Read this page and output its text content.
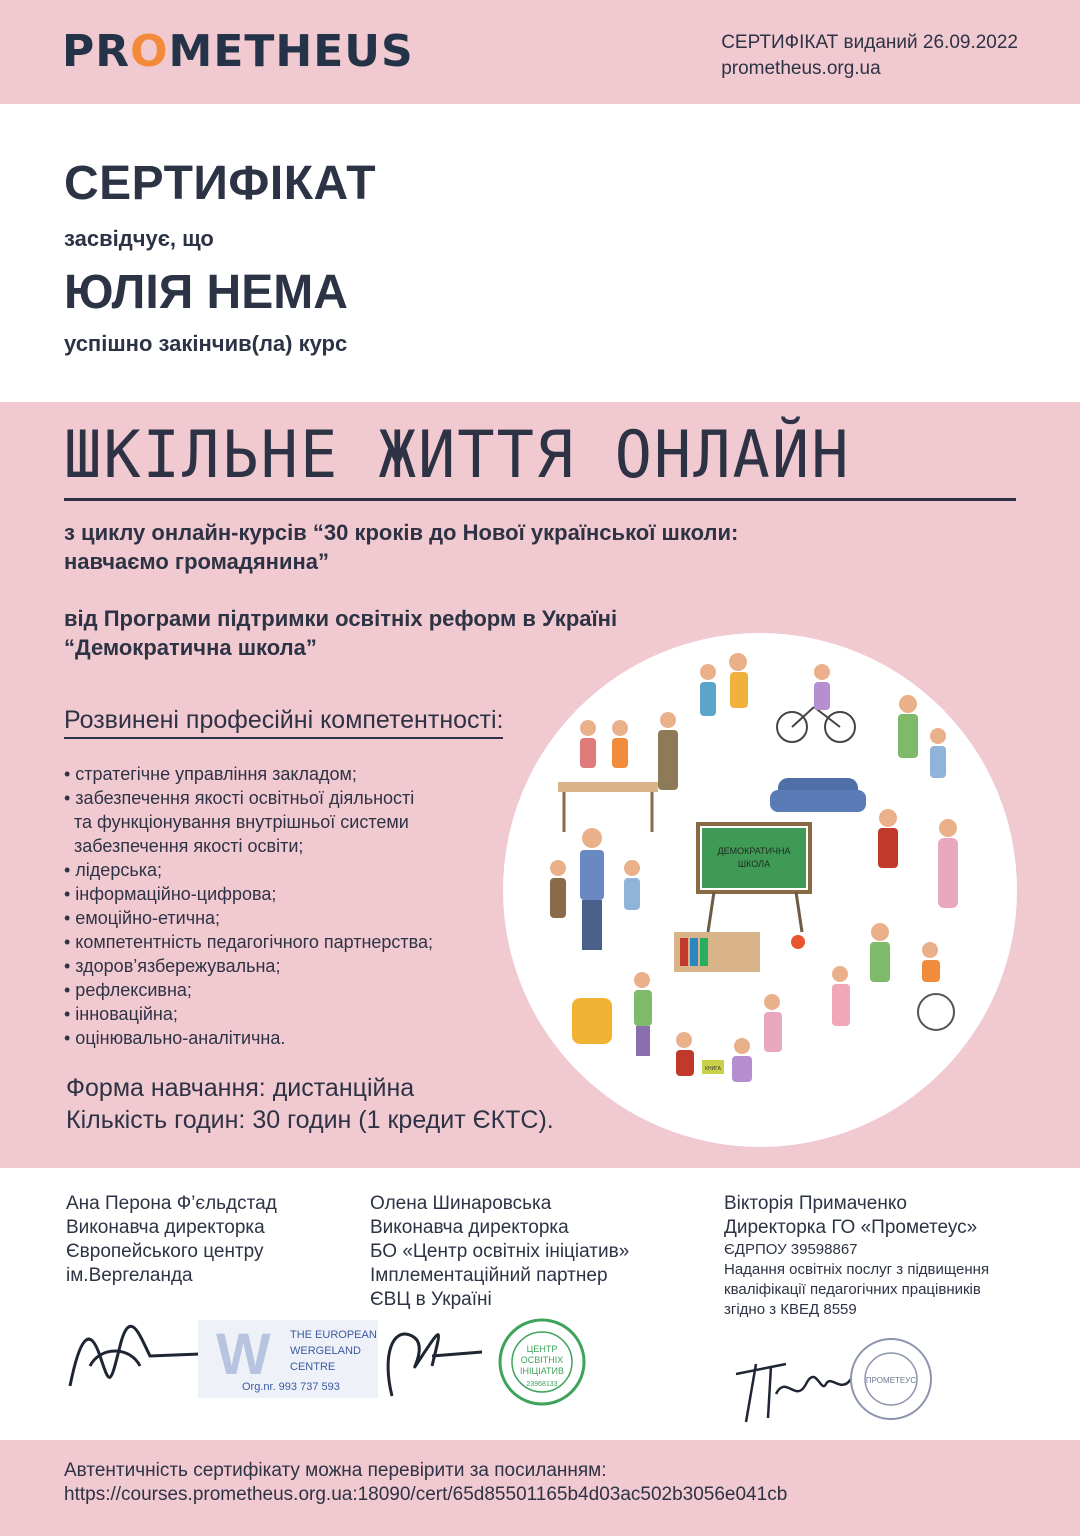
PROMETHEUS	СЕРТИФІКАТ виданий 26.09.2022
prometheus.org.ua
СЕРТИФІКАТ
засвідчує, що
ЮЛІЯ НЕМА
успішно закінчив(ла) курс
ШКІЛЬНЕ ЖИТТЯ ОНЛАЙН
з циклу онлайн-курсів “30 кроків до Нової української школи:
навчаємо громадянина”
від Програми підтримки освітніх реформ в Україні
“Демократична школа”
Розвинені професійні компетентності:
• стратегічне управління закладом;
• забезпечення якості освітньої діяльності
та функціонування внутрішньої системи
забезпечення якості освіти;
• лідерська;
• інформаційно-цифрова;
• емоційно-етична;
• компетентність педагогічного партнерства;
• здоров’язбережувальна;
• рефлексивна;
• інноваційна;
• оцінювально-аналітична.
Форма навчання: дистанційна
Кількість годин: 30 годин (1 кредит ЄКТС).
ДЕМОКРАТИЧНА
ШКОЛА
КНИГА
Ана Перона Ф’єльдстад
Виконавча директорка
Європейського центру
ім.Вергеланда
Олена Шинаровська
Виконавча директорка
БО «Центр освітніх ініціатив»
Імплементаційний партнер
ЄВЦ в Україні
Вікторія Примаченко
Директорка ГО «Прометеус»
ЄДРПОУ 39598867
Надання освітніх послуг з підвищення
кваліфікації педагогічних працівників
згідно з КВЕД 8559
W THE EUROPEAN
WERGELAND
CENTRE
Org.nr. 993 737 593
ЦЕНТР
ОСВІТНІХ
ІНІЦІАТИВ
23968133	ПРОМЕТЕУС
Автентичність сертифікату можна перевірити за посиланням:
https://courses.prometheus.org.ua:18090/cert/65d85501165b4d03ac502b3056e041cb
